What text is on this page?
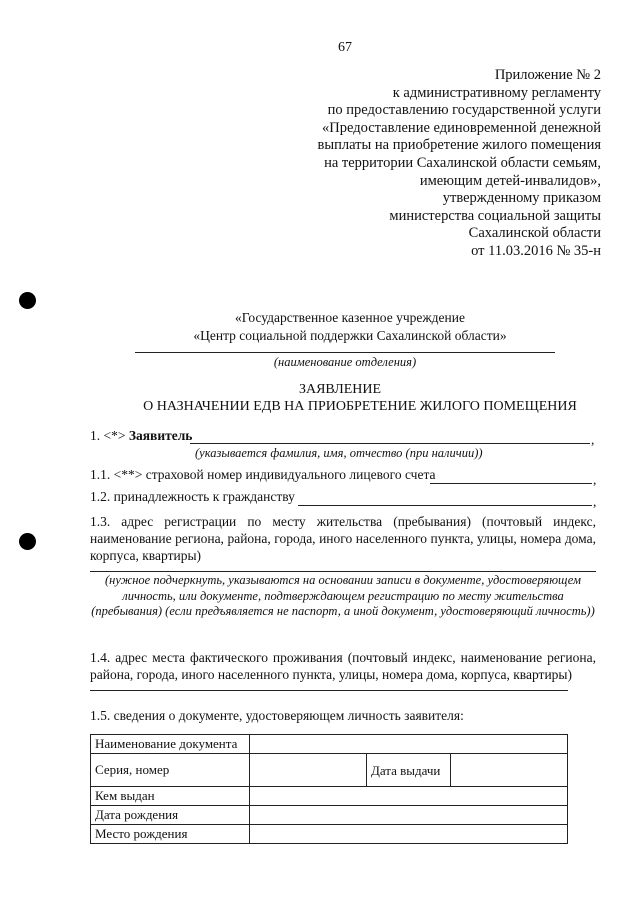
67
Приложение № 2
к административному регламенту
по предоставлению государственной услуги
«Предоставление единовременной денежной
выплаты на приобретение жилого помещения
на территории Сахалинской области семьям,
имеющим детей-инвалидов»,
утвержденному приказом
министерства социальной защиты
Сахалинской области
от 11.03.2016 № 35-н
«Государственное казенное учреждение
«Центр социальной поддержки Сахалинской области»
(наименование отделения)
ЗАЯВЛЕНИЕ
О НАЗНАЧЕНИИ ЕДВ НА ПРИОБРЕТЕНИЕ ЖИЛОГО ПОМЕЩЕНИЯ
1. <*> Заявитель	,
(указывается фамилия, имя, отчество (при наличии))
1.1. <**> страховой номер индивидуального лицевого счета	,
1.2. принадлежность к гражданству	,
1.3. адрес регистрации по месту жительства (пребывания) (почтовый индекс, наименование региона, района, города, иного населенного пункта, улицы, номера дома, корпуса, квартиры)
(нужное подчеркнуть, указываются на основании записи в документе, удостоверяющем личность, или документе, подтверждающем регистрацию по месту жительства (пребывания) (если предъявляется не паспорт, а иной документ, удостоверяющий личность))
1.4. адрес места фактического проживания (почтовый индекс, наименование региона, района, города, иного населенного пункта, улицы, номера дома, корпуса, квартиры)
1.5. сведения о документе, удостоверяющем личность заявителя:
Наименование документа			
Серия, номер		Дата выдачи	
Кем выдан			
Дата рождения			
Место рождения			
